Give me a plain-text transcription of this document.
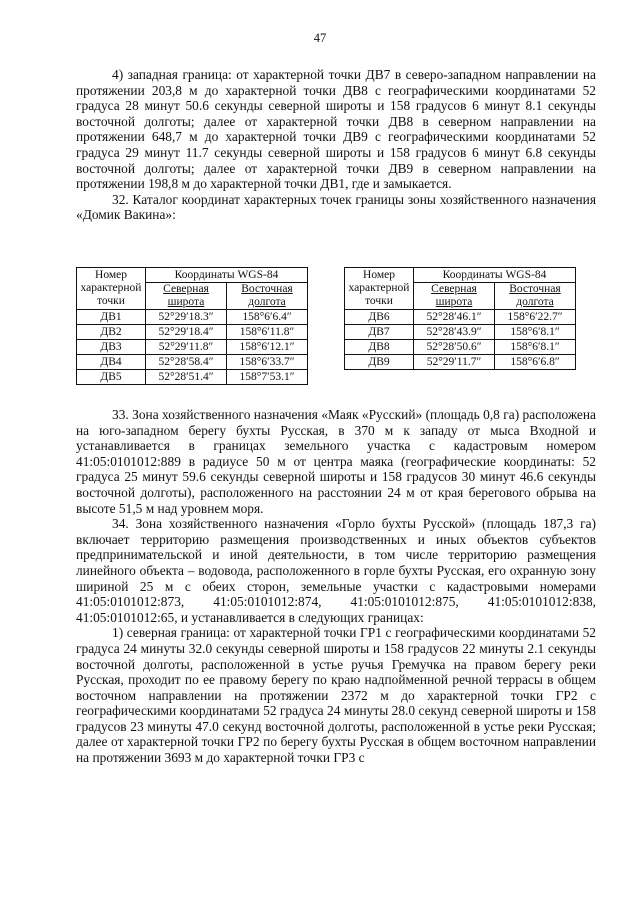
47

4) западная граница: от характерной точки ДВ7 в северо-западном направлении на протяжении 203,8 м до характерной точки ДВ8 с географическими координатами 52 градуса 28 минут 50.6 секунды северной широты и 158 градусов 6 минут 8.1 секунды восточной долготы; далее от характерной точки ДВ8 в северном направлении на протяжении 648,7 м до характерной точки ДВ9 с географическими координатами 52 градуса 29 минут 11.7 секунды северной широты и 158 градусов 6 минут 6.8 секунды восточной долготы; далее от характерной точки ДВ9 в северном направлении на протяжении 198,8 м до характерной точки ДВ1, где и замыкается.

32. Каталог координат характерных точек границы зоны хозяйственного назначения «Домик Вакина»:

Номер характерной точки	Координаты WGS-84	
	Северная широта	Восточная долгота
ДВ1	52°29′18.3″	158°6′6.4″
ДВ2	52°29′18.4″	158°6′11.8″
ДВ3	52°29′11.8″	158°6′12.1″
ДВ4	52°28′58.4″	158°6′33.7″
ДВ5	52°28′51.4″	158°7′53.1″
Номер характерной точки	Координаты WGS-84	
	Северная широта	Восточная долгота
ДВ6	52°28′46.1″	158°6′22.7″
ДВ7	52°28′43.9″	158°6′8.1″
ДВ8	52°28′50.6″	158°6′8.1″
ДВ9	52°29′11.7″	158°6′6.8″

33. Зона хозяйственного назначения «Маяк «Русский» (площадь 0,8 га) расположена на юго-западном берегу бухты Русская, в 370 м к западу от мыса Входной и устанавливается в границах земельного участка с кадастровым номером 41:05:0101012:889 в радиусе 50 м от центра маяка (географические координаты: 52 градуса 25 минут 59.6 секунды северной широты и 158 градусов 30 минут 46.6 секунды восточной долготы), расположенного на расстоянии 24 м от края берегового обрыва на высоте 51,5 м над уровнем моря.

34. Зона хозяйственного назначения «Горло бухты Русской» (площадь 187,3 га) включает территорию размещения производственных и иных объектов субъектов предпринимательской и иной деятельности, в том числе территорию размещения линейного объекта – водовода, расположенного в горле бухты Русская, его охранную зону шириной 25 м с обеих сторон, земельные участки с кадастровыми номерами 41:05:0101012:873, 41:05:0101012:874, 41:05:0101012:875, 41:05:0101012:838, 41:05:0101012:65, и устанавливается в следующих границах:

1) северная граница: от характерной точки ГР1 с географическими координатами 52 градуса 24 минуты 32.0 секунды северной широты и 158 градусов 22 минуты 2.1 секунды восточной долготы, расположенной в устье ручья Гремучка на правом берегу реки Русская, проходит по ее правому берегу по краю надпойменной речной террасы в общем восточном направлении на протяжении 2372 м до характерной точки ГР2 с географическими координатами 52 градуса 24 минуты 28.0 секунд северной широты и 158 градусов 23 минуты 47.0 секунд восточной долготы, расположенной в устье реки Русская; далее от характерной точки ГР2 по берегу бухты Русская в общем восточном направлении на протяжении 3693 м до характерной точки ГР3 с
